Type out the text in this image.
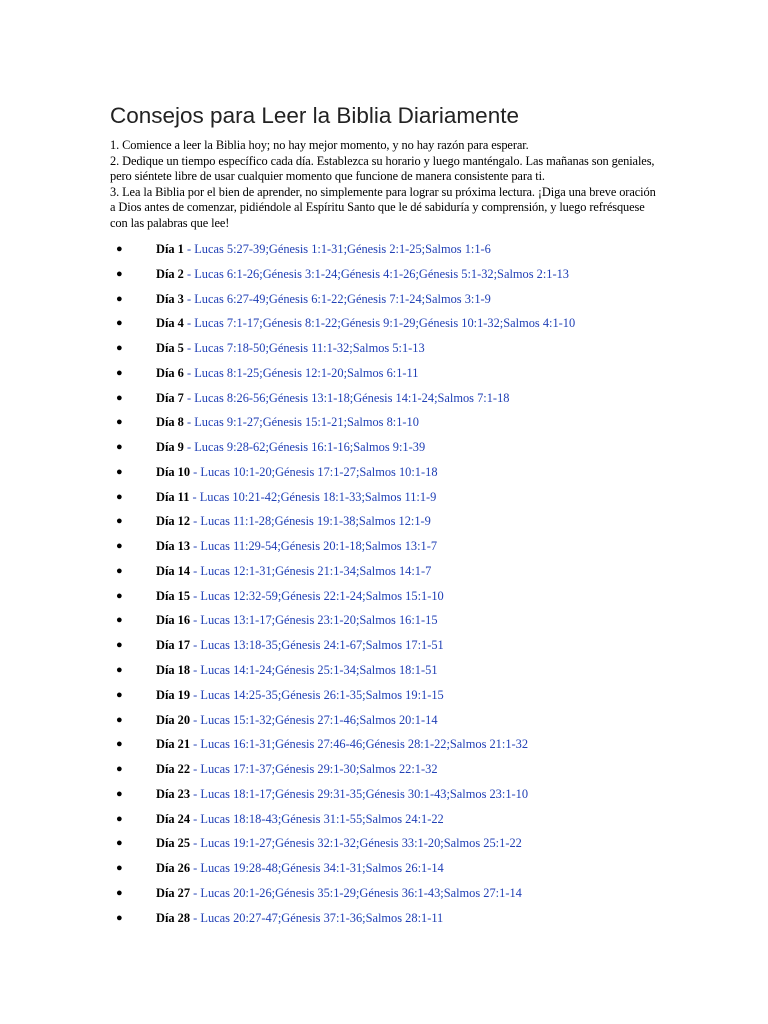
Consejos para Leer la Biblia Diariamente

1. Comience a leer la Biblia hoy; no hay mejor momento, y no hay razón para esperar.

2. Dedique un tiempo específico cada día. Establezca su horario y luego manténgalo. Las mañanas son geniales, pero siéntete libre de usar cualquier momento que funcione de manera consistente para ti.

3. Lea la Biblia por el bien de aprender, no simplemente para lograr su próxima lectura. ¡Diga una breve oración a Dios antes de comenzar, pidiéndole al Espíritu Santo que le dé sabiduría y comprensión, y luego refrésquese con las palabras que lee!

●	Día 1 - Lucas 5:27-39;Génesis 1:1-31;Génesis 2:1-25;Salmos 1:1-6
●	Día 2 - Lucas 6:1-26;Génesis 3:1-24;Génesis 4:1-26;Génesis 5:1-32;Salmos 2:1-13
●	Día 3 - Lucas 6:27-49;Génesis 6:1-22;Génesis 7:1-24;Salmos 3:1-9
●	Día 4 - Lucas 7:1-17;Génesis 8:1-22;Génesis 9:1-29;Génesis 10:1-32;Salmos 4:1-10
●	Día 5 - Lucas 7:18-50;Génesis 11:1-32;Salmos 5:1-13
●	Día 6 - Lucas 8:1-25;Génesis 12:1-20;Salmos 6:1-11
●	Día 7 - Lucas 8:26-56;Génesis 13:1-18;Génesis 14:1-24;Salmos 7:1-18
●	Día 8 - Lucas 9:1-27;Génesis 15:1-21;Salmos 8:1-10
●	Día 9 - Lucas 9:28-62;Génesis 16:1-16;Salmos 9:1-39
●	Día 10 - Lucas 10:1-20;Génesis 17:1-27;Salmos 10:1-18
●	Día 11 - Lucas 10:21-42;Génesis 18:1-33;Salmos 11:1-9
●	Día 12 - Lucas 11:1-28;Génesis 19:1-38;Salmos 12:1-9
●	Día 13 - Lucas 11:29-54;Génesis 20:1-18;Salmos 13:1-7
●	Día 14 - Lucas 12:1-31;Génesis 21:1-34;Salmos 14:1-7
●	Día 15 - Lucas 12:32-59;Génesis 22:1-24;Salmos 15:1-10
●	Día 16 - Lucas 13:1-17;Génesis 23:1-20;Salmos 16:1-15
●	Día 17 - Lucas 13:18-35;Génesis 24:1-67;Salmos 17:1-51
●	Día 18 - Lucas 14:1-24;Génesis 25:1-34;Salmos 18:1-51
●	Día 19 - Lucas 14:25-35;Génesis 26:1-35;Salmos 19:1-15
●	Día 20 - Lucas 15:1-32;Génesis 27:1-46;Salmos 20:1-14
●	Día 21 - Lucas 16:1-31;Génesis 27:46-46;Génesis 28:1-22;Salmos 21:1-32
●	Día 22 - Lucas 17:1-37;Génesis 29:1-30;Salmos 22:1-32
●	Día 23 - Lucas 18:1-17;Génesis 29:31-35;Génesis 30:1-43;Salmos 23:1-10
●	Día 24 - Lucas 18:18-43;Génesis 31:1-55;Salmos 24:1-22
●	Día 25 - Lucas 19:1-27;Génesis 32:1-32;Génesis 33:1-20;Salmos 25:1-22
●	Día 26 - Lucas 19:28-48;Génesis 34:1-31;Salmos 26:1-14
●	Día 27 - Lucas 20:1-26;Génesis 35:1-29;Génesis 36:1-43;Salmos 27:1-14
●	Día 28 - Lucas 20:27-47;Génesis 37:1-36;Salmos 28:1-11
